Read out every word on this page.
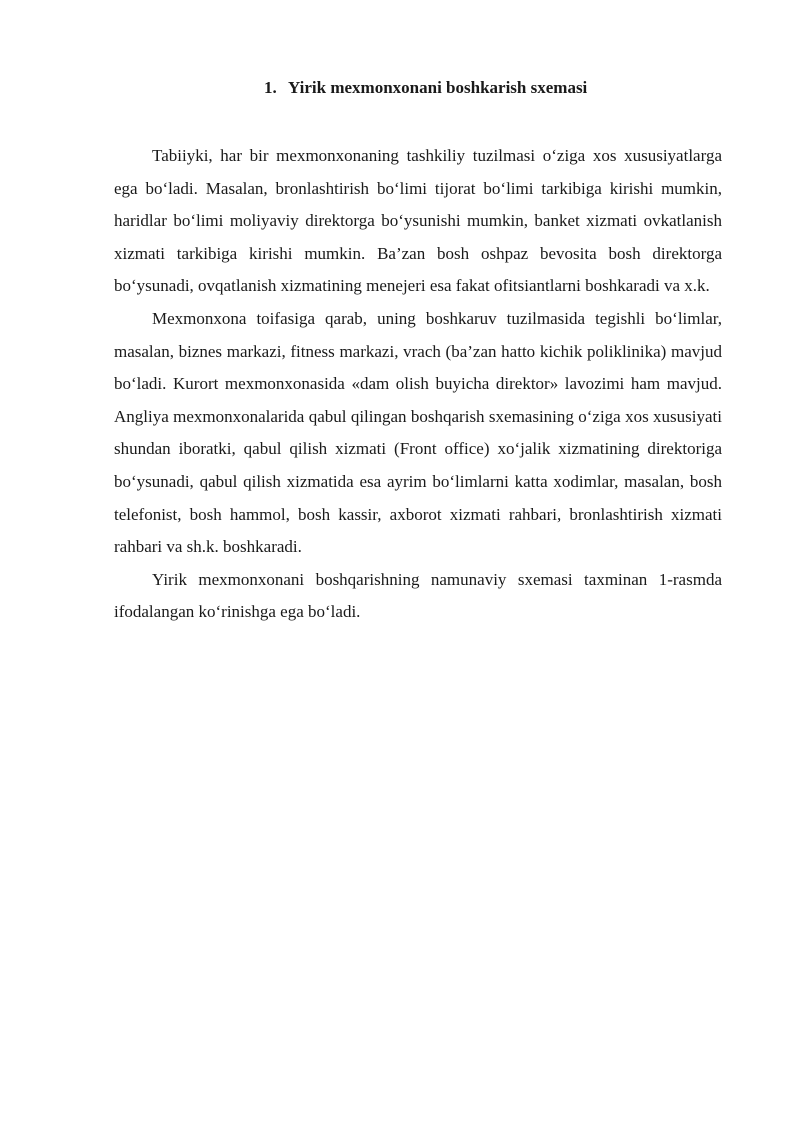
1. Yirik mexmonxonani boshkarish sxemasi

Tabiiyki, har bir mexmonxonaning tashkiliy tuzilmasi o‘ziga xos xususiyatlarga ega bo‘ladi. Masalan, bronlashtirish bo‘limi tijorat bo‘limi tarkibiga kirishi mumkin, haridlar bo‘limi moliyaviy direktorga bo‘ysunishi mumkin, banket xizmati ovkatlanish xizmati tarkibiga kirishi mumkin. Ba’zan bosh oshpaz bevosita bosh direktorga bo‘ysunadi, ovqatlanish xizmatining menejeri esa fakat ofitsiantlarni boshkaradi va x.k.

Mexmonxona toifasiga qarab, uning boshkaruv tuzilmasida tegishli bo‘limlar, masalan, biznes markazi, fitness markazi, vrach (ba’zan hatto kichik poliklinika) mavjud bo‘ladi. Kurort mexmonxonasida «dam olish buyicha direktor» lavozimi ham mavjud. Angliya mexmonxonalarida qabul qilingan boshqarish sxemasining o‘ziga xos xususiyati shundan iboratki, qabul qilish xizmati (Front office) xo‘jalik xizmatining direktoriga bo‘ysunadi, qabul qilish xizmatida esa ayrim bo‘limlarni katta xodimlar, masalan, bosh telefonist, bosh hammol, bosh kassir, axborot xizmati rahbari, bronlashtirish xizmati rahbari va sh.k. boshkaradi.

Yirik mexmonxonani boshqarishning namunaviy sxemasi taxminan 1-rasmda ifodalangan ko‘rinishga ega bo‘ladi.
